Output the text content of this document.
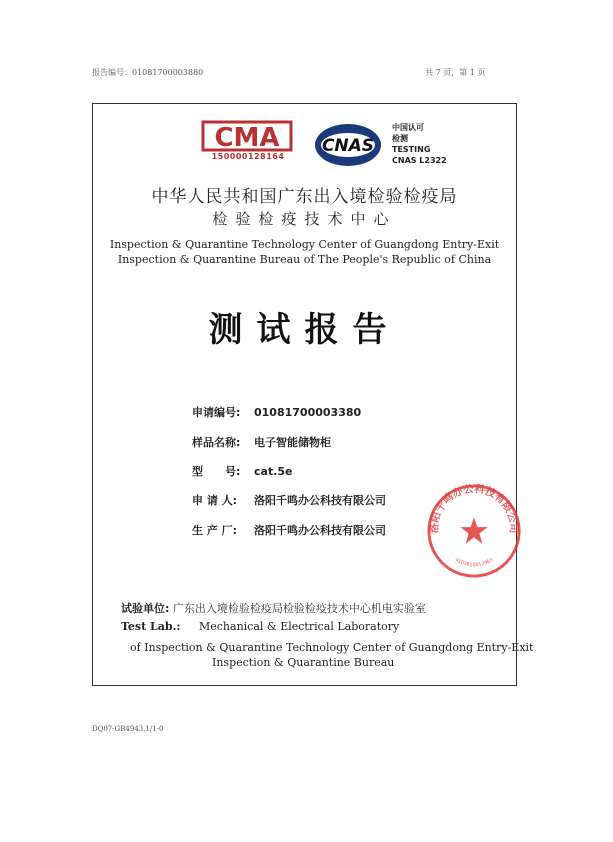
报告编号：01081700003880	共 7 页，第 1 页
CMA
150000128164
CNAS
中国认可
检测
TESTING
CNAS L2322
中华人民共和国广东出入境检验检疫局
检验检疫技术中心
Inspection & Quarantine Technology Center of Guangdong Entry-Exit
Inspection & Quarantine Bureau of The People's Republic of China
测试报告
申请编号: 01081700003380
样品名称: 电子智能储物柜
型　　号: cat.5e
申 请 人: 洛阳千鸣办公科技有限公司
生 产 厂: 洛阳千鸣办公科技有限公司	洛阳千鸣办公科技有限公司
4103810012963
试验单位: 广东出入境检验检疫局检验检疫技术中心机电实验室
Test Lab.: Mechanical & Electrical Laboratory
of Inspection & Quarantine Technology Center of Guangdong Entry-Exit
Inspection & Quarantine Bureau
DQ07-GB4943.1/1-0
